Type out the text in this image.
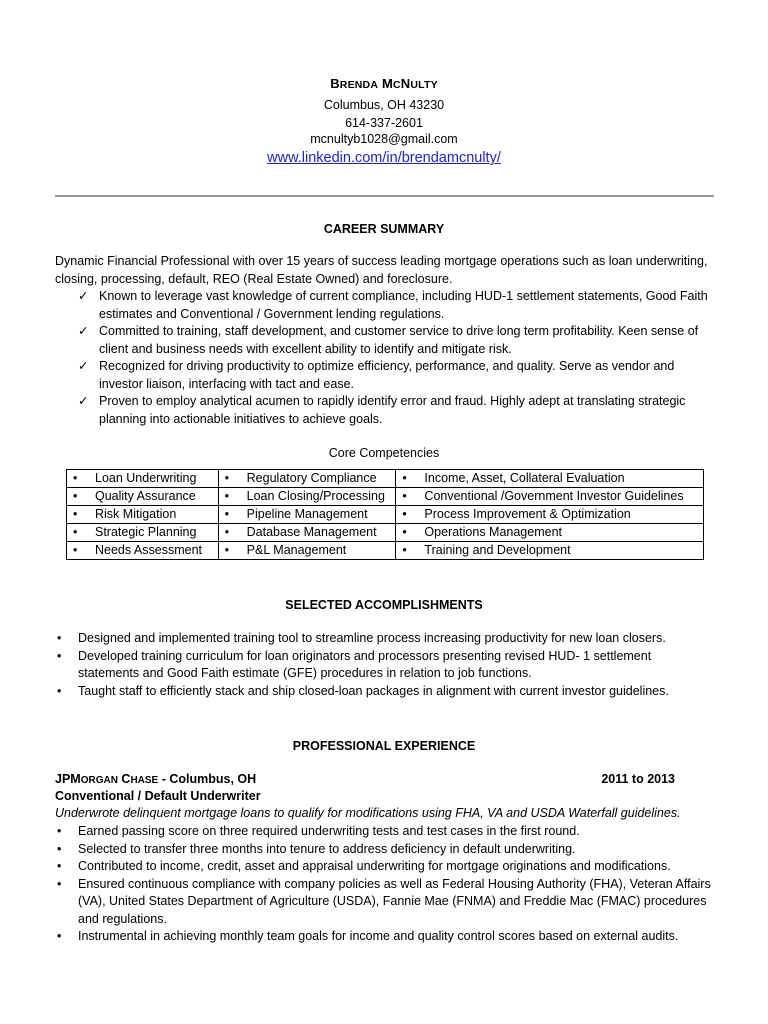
BRENDA MCNULTY
Columbus, OH 43230
614-337-2601
mcnultyb1028@gmail.com
www.linkedin.com/in/brendamcnulty/
CAREER SUMMARY
Dynamic Financial Professional with over 15 years of success leading mortgage operations such as loan underwriting, closing, processing, default, REO (Real Estate Owned) and foreclosure.
✓ Known to leverage vast knowledge of current compliance, including HUD-1 settlement statements, Good Faith estimates and Conventional / Government lending regulations.
✓ Committed to training, staff development, and customer service to drive long term profitability. Keen sense of client and business needs with excellent ability to identify and mitigate risk.
✓ Recognized for driving productivity to optimize efficiency, performance, and quality. Serve as vendor and investor liaison, interfacing with tact and ease.
✓ Proven to employ analytical acumen to rapidly identify error and fraud. Highly adept at translating strategic planning into actionable initiatives to achieve goals.
Core Competencies
• Loan Underwriting	• Regulatory Compliance	• Income, Asset, Collateral Evaluation
• Quality Assurance	• Loan Closing/Processing	• Conventional /Government Investor Guidelines
• Risk Mitigation	• Pipeline Management	• Process Improvement & Optimization
• Strategic Planning	• Database Management	• Operations Management
• Needs Assessment	• P&L Management	• Training and Development
SELECTED ACCOMPLISHMENTS
• Designed and implemented training tool to streamline process increasing productivity for new loan closers.
• Developed training curriculum for loan originators and processors presenting revised HUD- 1 settlement statements and Good Faith estimate (GFE) procedures in relation to job functions.
• Taught staff to efficiently stack and ship closed-loan packages in alignment with current investor guidelines.
PROFESSIONAL EXPERIENCE
JPMORGAN CHASE - Columbus, OH	2011 to 2013
Conventional / Default Underwriter
Underwrote delinquent mortgage loans to qualify for modifications using FHA, VA and USDA Waterfall guidelines.
• Earned passing score on three required underwriting tests and test cases in the first round.
• Selected to transfer three months into tenure to address deficiency in default underwriting.
• Contributed to income, credit, asset and appraisal underwriting for mortgage originations and modifications.
• Ensured continuous compliance with company policies as well as Federal Housing Authority (FHA), Veteran Affairs (VA), United States Department of Agriculture (USDA), Fannie Mae (FNMA) and Freddie Mac (FMAC) procedures and regulations.
• Instrumental in achieving monthly team goals for income and quality control scores based on external audits.
